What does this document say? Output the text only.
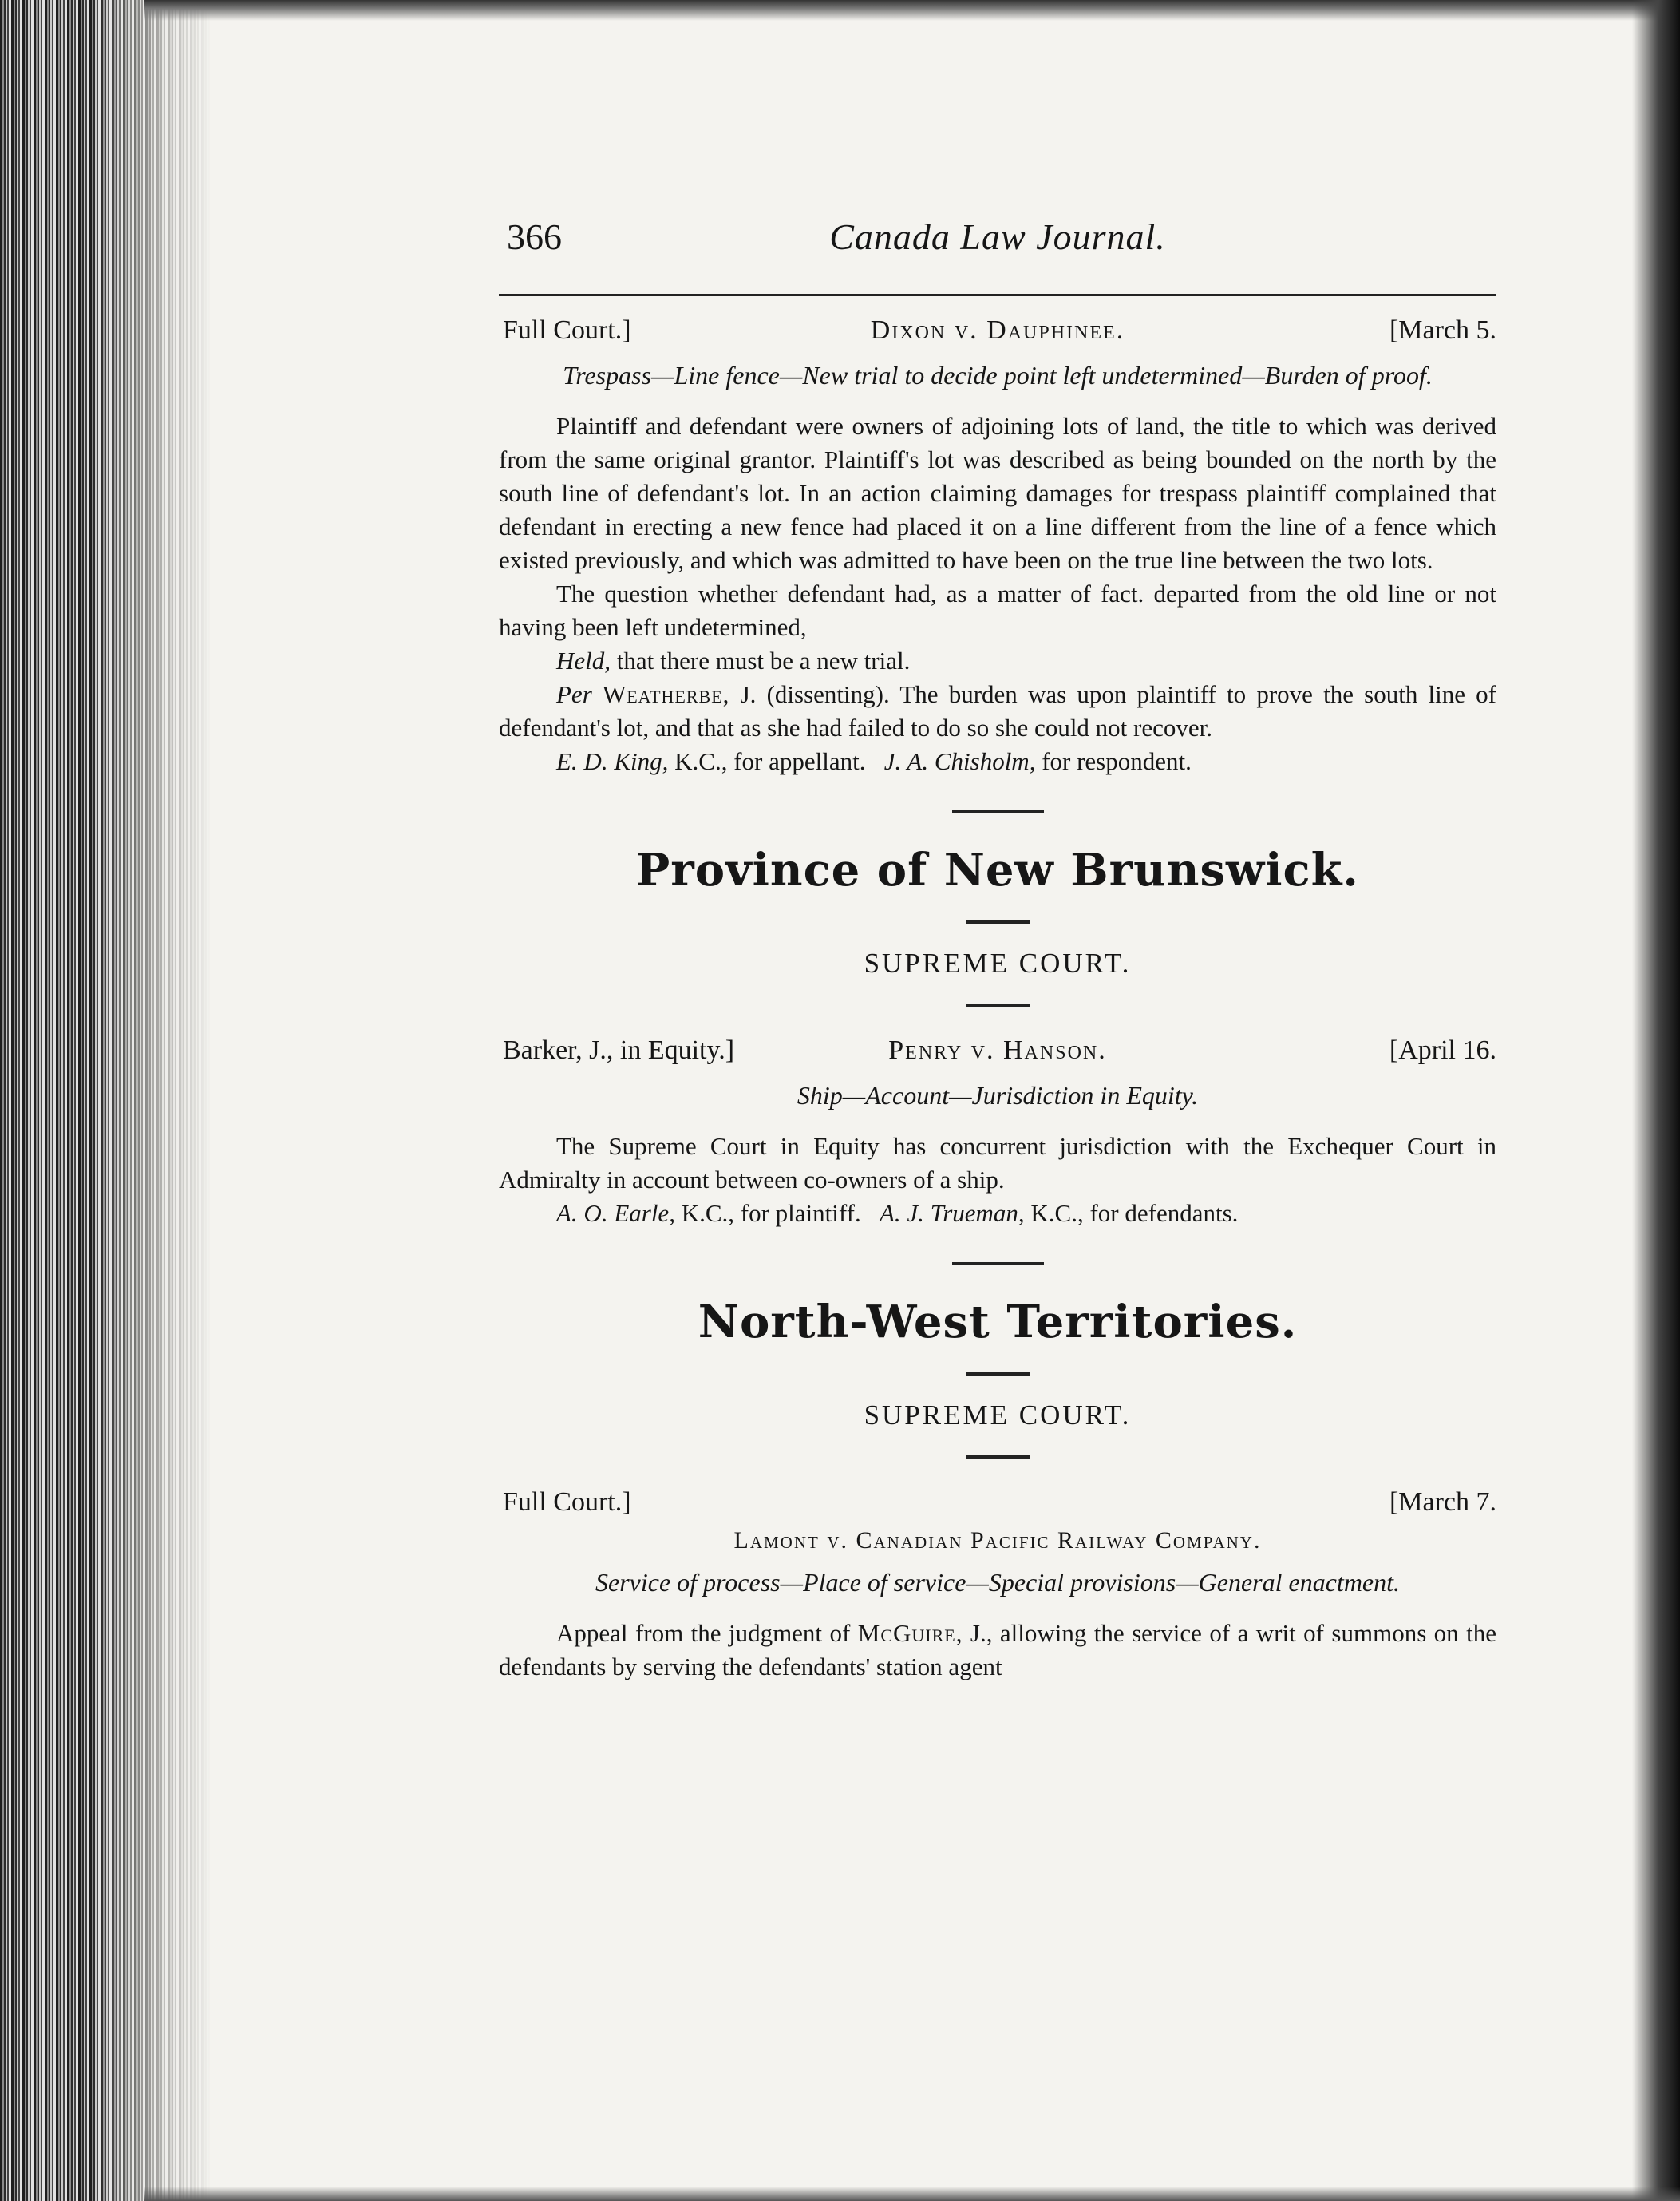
366	Canada Law Journal.
Full Court.]	Dixon v. Dauphinee.	[March 5.
Trespass—Line fence—New trial to decide point left undetermined—Burden of proof.

Plaintiff and defendant were owners of adjoining lots of land, the title to which was derived from the same original grantor. Plaintiff's lot was described as being bounded on the north by the south line of defendant's lot. In an action claiming damages for trespass plaintiff complained that defendant in erecting a new fence had placed it on a line different from the line of a fence which existed previously, and which was admitted to have been on the true line between the two lots.

The question whether defendant had, as a matter of fact. departed from the old line or not having been left undetermined,

Held, that there must be a new trial.

Per Weatherbe, J. (dissenting). The burden was upon plaintiff to prove the south line of defendant's lot, and that as she had failed to do so she could not recover.

E. D. King, K.C., for appellant. J. A. Chisholm, for respondent.

Province of New Brunswick.
SUPREME COURT.
Barker, J., in Equity.]	Penry v. Hanson.	[April 16.
Ship—Account—Jurisdiction in Equity.

The Supreme Court in Equity has concurrent jurisdiction with the Exchequer Court in Admiralty in account between co-owners of a ship.

A. O. Earle, K.C., for plaintiff. A. J. Trueman, K.C., for defendants.

North-West Territories.
SUPREME COURT.
Full Court.]	[March 7.
Lamont v. Canadian Pacific Railway Company.
Service of process—Place of service—Special provisions—General enactment.

Appeal from the judgment of McGuire, J., allowing the service of a writ of summons on the defendants by serving the defendants' station agent
